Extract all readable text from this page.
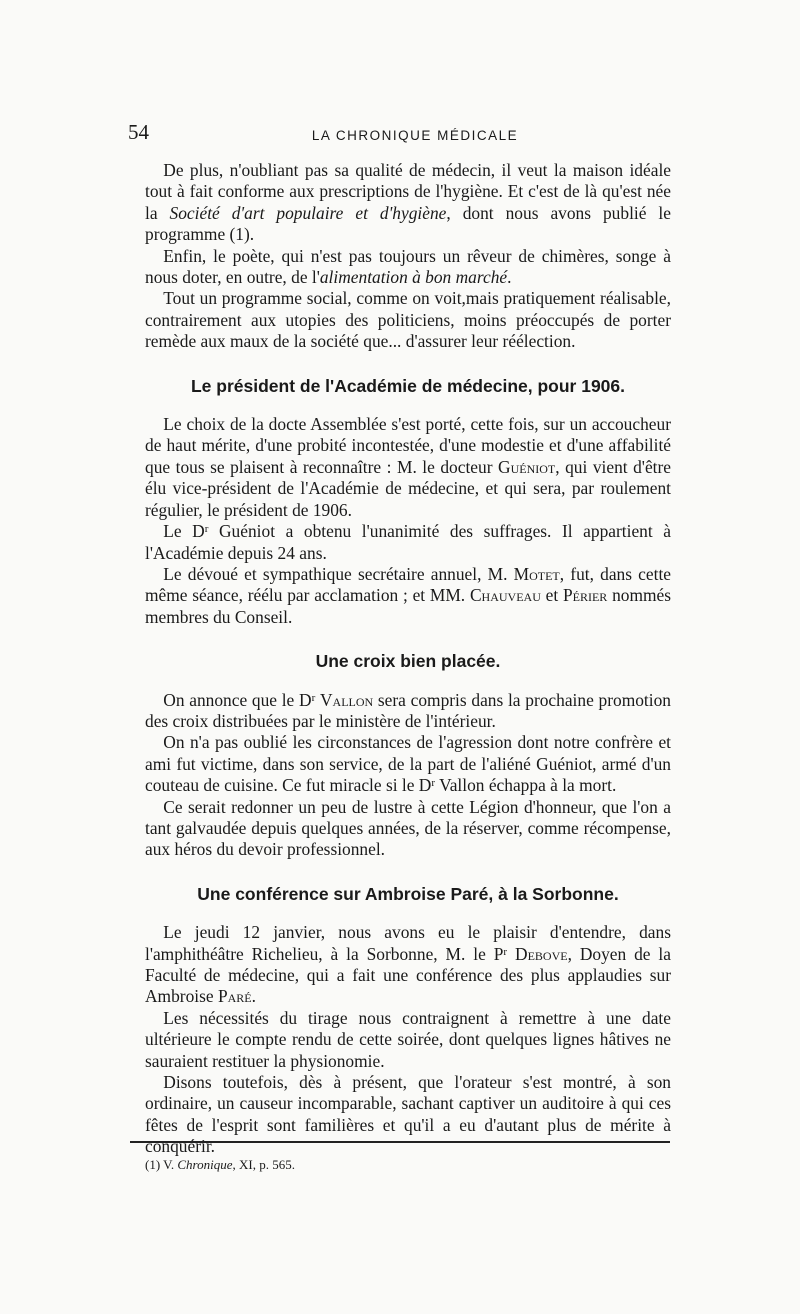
54	LA CHRONIQUE MÉDICALE

De plus, n'oubliant pas sa qualité de médecin, il veut la maison idéale tout à fait conforme aux prescriptions de l'hygiène. Et c'est de là qu'est née la Société d'art populaire et d'hygiène, dont nous avons publié le programme (1).

Enfin, le poète, qui n'est pas toujours un rêveur de chimères, songe à nous doter, en outre, de l'alimentation à bon marché.

Tout un programme social, comme on voit,mais pratiquement réalisable, contrairement aux utopies des politiciens, moins préoccupés de porter remède aux maux de la société que... d'assurer leur réélection.

Le président de l'Académie de médecine, pour 1906.

Le choix de la docte Assemblée s'est porté, cette fois, sur un accoucheur de haut mérite, d'une probité incontestée, d'une modestie et d'une affabilité que tous se plaisent à reconnaître : M. le docteur Guéniot, qui vient d'être élu vice-président de l'Académie de médecine, et qui sera, par roulement régulier, le président de 1906.

Le $D^r$ Guéniot a obtenu l'unanimité des suffrages. Il appartient à l'Académie depuis 24 ans.

Le dévoué et sympathique secrétaire annuel, M. Motet, fut, dans cette même séance, réélu par acclamation ; et MM. Chauveau et Périer nommés membres du Conseil.

Une croix bien placée.

On annonce que le $D^r$ Vallon sera compris dans la prochaine promotion des croix distribuées par le ministère de l'intérieur.

On n'a pas oublié les circonstances de l'agression dont notre confrère et ami fut victime, dans son service, de la part de l'aliéné Guéniot, armé d'un couteau de cuisine. Ce fut miracle si le $D^r$ Vallon échappa à la mort.

Ce serait redonner un peu de lustre à cette Légion d'honneur, que l'on a tant galvaudée depuis quelques années, de la réserver, comme récompense, aux héros du devoir professionnel.

Une conférence sur Ambroise Paré, à la Sorbonne.

Le jeudi 12 janvier, nous avons eu le plaisir d'entendre, dans l'amphithéâtre Richelieu, à la Sorbonne, M. le $P^r$ Debove, Doyen de la Faculté de médecine, qui a fait une conférence des plus applaudies sur Ambroise Paré.

Les nécessités du tirage nous contraignent à remettre à une date ultérieure le compte rendu de cette soirée, dont quelques lignes hâtives ne sauraient restituer la physionomie.

Disons toutefois, dès à présent, que l'orateur s'est montré, à son ordinaire, un causeur incomparable, sachant captiver un auditoire à qui ces fêtes de l'esprit sont familières et qu'il a eu d'autant plus de mérite à conquérir.

(1) V. Chronique, XI, p. 565.
